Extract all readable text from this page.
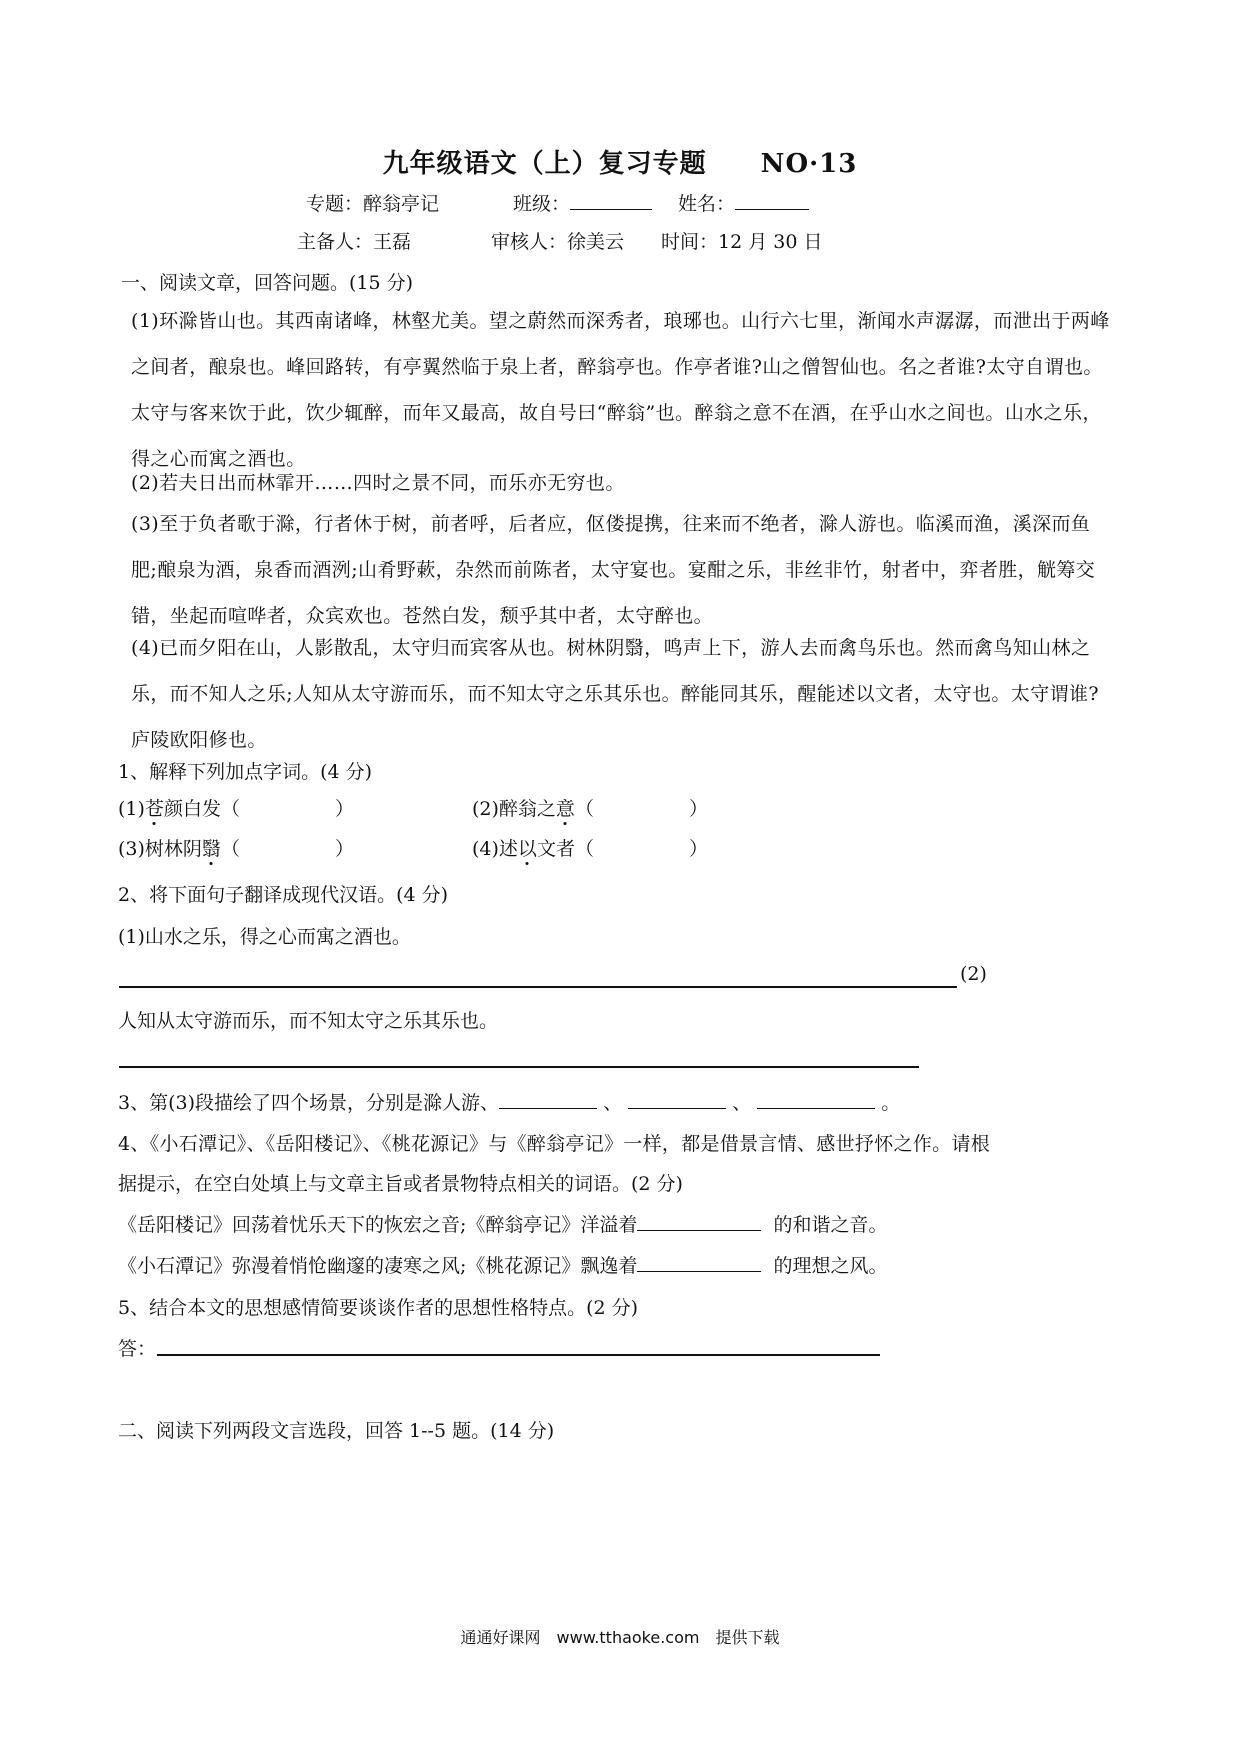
九年级语文（上）复习专题　　NO·13
专题：醉翁亭记	班级：	姓名：
主备人：王磊	审核人：徐美云 时间：12 月 30 日
一、阅读文章，回答问题。(15 分)
(1)环滁皆山也。其西南诸峰，林壑尤美。望之蔚然而深秀者，琅琊也。山行六七里，渐闻水声潺潺，而泄出于两峰之间者，酿泉也。峰回路转，有亭翼然临于泉上者，醉翁亭也。作亭者谁?山之僧智仙也。名之者谁?太守自谓也。太守与客来饮于此，饮少辄醉，而年又最高，故自号曰“醉翁”也。醉翁之意不在酒，在乎山水之间也。山水之乐，得之心而寓之酒也。
(2)若夫日出而林霏开……四时之景不同，而乐亦无穷也。
(3)至于负者歌于滁，行者休于树，前者呼，后者应，伛偻提携，往来而不绝者，滁人游也。临溪而渔，溪深而鱼肥;酿泉为酒，泉香而酒洌;山肴野蔌，杂然而前陈者，太守宴也。宴酣之乐，非丝非竹，射者中，弈者胜，觥筹交错，坐起而喧哗者，众宾欢也。苍然白发，颓乎其中者，太守醉也。
(4)已而夕阳在山，人影散乱，太守归而宾客从也。树林阴翳，鸣声上下，游人去而禽鸟乐也。然而禽鸟知山林之乐，而不知人之乐;人知从太守游而乐，而不知太守之乐其乐也。醉能同其乐，醒能述以文者，太守也。太守谓谁?庐陵欧阳修也。
1、解释下列加点字词。(4 分)
(1)苍颜白发（　　　　　）	(2)醉翁之意（　　　　　）
(3)树林阴翳（　　　　　）	(4)述以文者（　　　　　）
2、将下面句子翻译成现代汉语。(4 分)
(1)山水之乐，得之心而寓之酒也。
(2)
人知从太守游而乐，而不知太守之乐其乐也。
3、第(3)段描绘了四个场景，分别是滁人游、	、	、	。
4、《小石潭记》、《岳阳楼记》、《桃花源记》与《醉翁亭记》一样，都是借景言情、感世抒怀之作。请根
据提示，在空白处填上与文章主旨或者景物特点相关的词语。(2 分)
《岳阳楼记》回荡着忧乐天下的恢宏之音;《醉翁亭记》洋溢着	的和谐之音。
《小石潭记》弥漫着悄怆幽邃的凄寒之风;《桃花源记》飘逸着	的理想之风。
5、结合本文的思想感情简要谈谈作者的思想性格特点。(2 分)
答：
二、阅读下列两段文言选段，回答 1--5 题。(14 分)
通通好课网　www.tthaoke.com　提供下载
